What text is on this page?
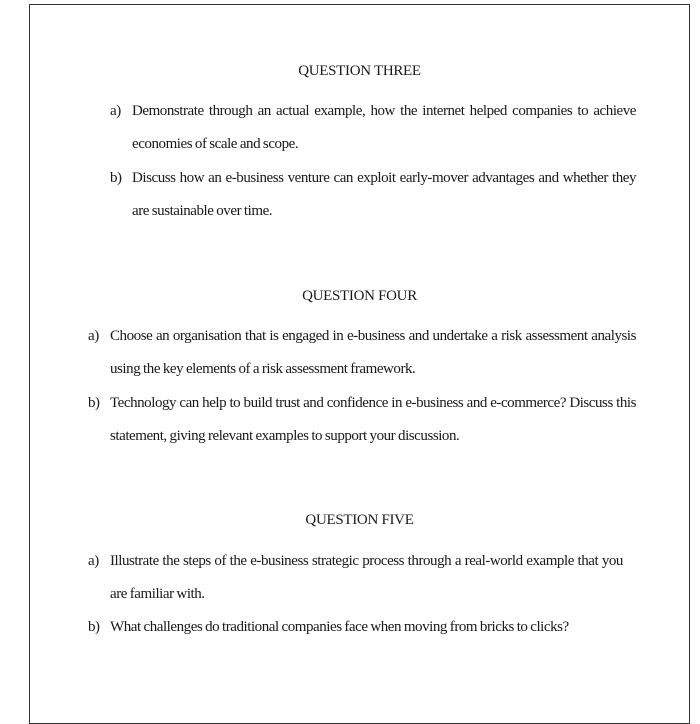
QUESTION THREE
a) Demonstrate through an actual example, how the internet helped companies to achieve economies of scale and scope.
b) Discuss how an e-business venture can exploit early-mover advantages and whether they are sustainable over time.
QUESTION FOUR
a) Choose an organisation that is engaged in e-business and undertake a risk assessment analysis using the key elements of a risk assessment framework.
b) Technology can help to build trust and confidence in e-business and e-commerce? Discuss this statement, giving relevant examples to support your discussion.
QUESTION FIVE
a) Illustrate the steps of the e-business strategic process through a real-world example that you are familiar with.
b) What challenges do traditional companies face when moving from bricks to clicks?
